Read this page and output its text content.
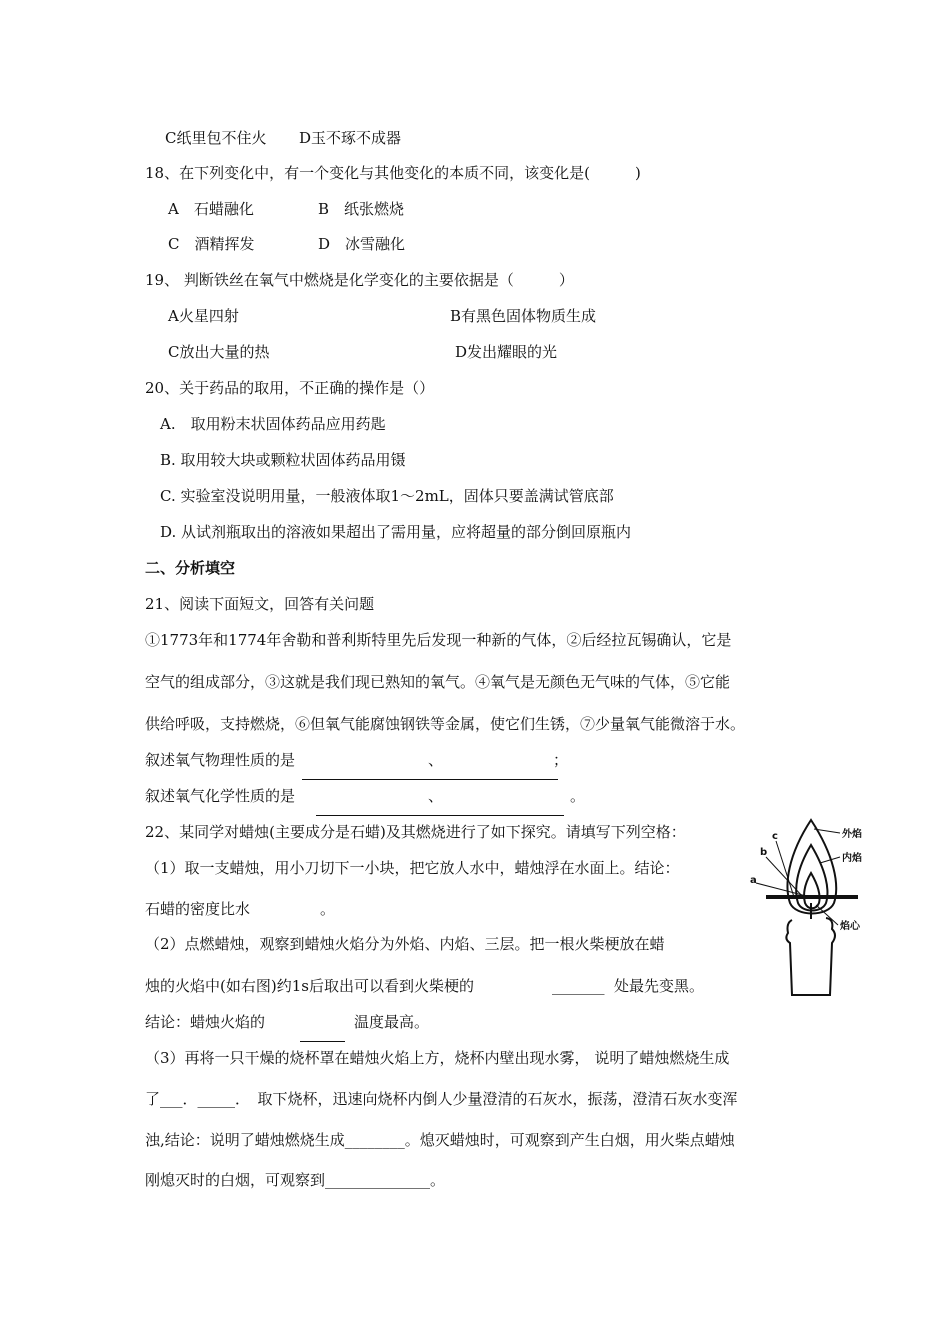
C纸里包不住火 D玉不琢不成器
18、在下列变化中，有一个变化与其他变化的本质不同，该变化是(　　　)
A　石蜡融化	B　纸张燃烧
C　酒精挥发	D　冰雪融化
19、 判断铁丝在氧气中燃烧是化学变化的主要依据是（　　　）
A火星四射	B有黑色固体物质生成
C放出大量的热	D发出耀眼的光
20、关于药品的取用，不正确的操作是（）
A.　取用粉末状固体药品应用药匙
B. 取用较大块或颗粒状固体药品用镊
C. 实验室没说明用量，一般液体取1～2mL，固体只要盖满试管底部
D. 从试剂瓶取出的溶液如果超出了需用量，应将超量的部分倒回原瓶内
二、分析填空
21、阅读下面短文，回答有关问题
①1773年和1774年舍勒和普利斯特里先后发现一种新的气体，②后经拉瓦锡确认，它是
空气的组成部分，③这就是我们现已熟知的氧气。④氧气是无颜色无气味的气体，⑤它能
供给呼吸，支持燃烧，⑥但氧气能腐蚀钢铁等金属，使它们生锈，⑦少量氧气能微溶于水。
叙述氧气物理性质的是	、	；
叙述氧气化学性质的是	、	。
22、某同学对蜡烛(主要成分是石蜡)及其燃烧进行了如下探究。请填写下列空格：
（1）取一支蜡烛，用小刀切下一小块，把它放人水中，蜡烛浮在水面上。结论：
石蜡的密度比水	。
（2）点燃蜡烛，观察到蜡烛火焰分为外焰、内焰、三层。把一根火柴梗放在蜡
烛的火焰中(如右图)约1s后取出可以看到火柴梗的	_______ 处最先变黑。
结论：蜡烛火焰的	温度最高。
（3）再将一只干燥的烧杯罩在蜡烛火焰上方，烧杯内壁出现水雾， 说明了蜡烛燃烧生成
了___．_____．　取下烧杯，迅速向烧杯内倒人少量澄清的石灰水，振荡，澄清石灰水变浑
浊,结论：说明了蜡烛燃烧生成________。熄灭蜡烛时，可观察到产生白烟，用火柴点蜡烛
刚熄灭时的白烟，可观察到______________。
外焰
内焰
焰心
c
b
a
